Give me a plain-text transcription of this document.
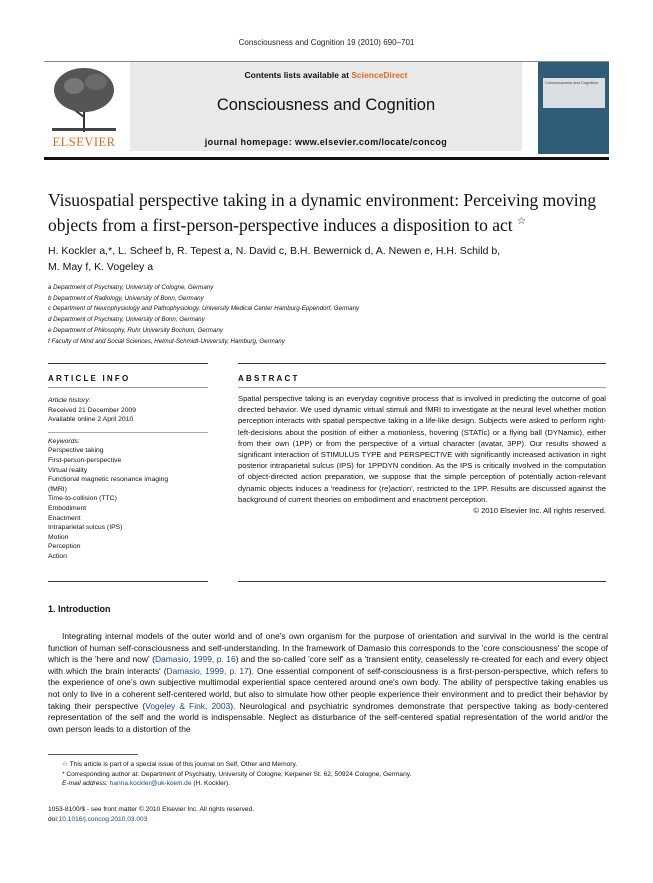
Consciousness and Cognition 19 (2010) 690–701
ELSEVIER
Contents lists available at ScienceDirect
Consciousness and Cognition
journal homepage: www.elsevier.com/locate/concog
Consciousness and Cognition
Visuospatial perspective taking in a dynamic environment: Perceiving moving objects from a first-person-perspective induces a disposition to act ☆
H. Kockler a,*, L. Scheef b, R. Tepest a, N. David c, B.H. Bewernick d, A. Newen e, H.H. Schild b,
M. May f, K. Vogeley a
a Department of Psychiatry, University of Cologne, Germany
b Department of Radiology, University of Bonn, Germany
c Department of Neurophysiology and Pathophysiology, University Medical Center Hamburg-Eppendorf, Germany
d Department of Psychiatry, University of Bonn, Germany
e Department of Philosophy, Ruhr University Bochum, Germany
f Faculty of Mind and Social Sciences, Helmut-Schmidt-University, Hamburg, Germany
ARTICLE INFO	ABSTRACT

Article history:

Received 21 December 2009

Available online 2 April 2010

Keywords:

Perspective taking

First-person-perspective

Virtual reality

Functional magnetic resonance imaging

(fMRI)

Time-to-collision (TTC)

Embodiment

Enactment

Intraparietal sulcus (IPS)

Motion

Perception

Action

Spatial perspective taking is an everyday cognitive process that is involved in predicting the outcome of goal directed behavior. We used dynamic virtual stimuli and fMRI to investigate at the neural level whether motion perception interacts with spatial perspective taking in a life-like design. Subjects were asked to perform right-left-decisions about the position of either a motionless, hovering (STATic) or a flying ball (DYNamic), either from their own (1PP) or from the perspective of a virtual character (avatar, 3PP). Our results showed a significant interaction of STIMULUS TYPE and PERSPECTIVE with significantly increased activation in right posterior intraparietal sulcus (IPS) for 1PPDYN condition. As the IPS is critically involved in the computation of object-directed action preparation, we suppose that the simple perception of potentially action-relevant dynamic objects induces a 'readiness for (re)action', restricted to the 1PP. Results are discussed against the background of current theories on embodiment and enactment perception.
© 2010 Elsevier Inc. All rights reserved.
1. Introduction
Integrating internal models of the outer world and of one's own organism for the purpose of orientation and survival in the world is the central function of human self-consciousness and self-understanding. In the framework of Damasio this corresponds to the 'core consciousness' the scope of which is the 'here and now' (Damasio, 1999, p. 16) and the so-called 'core self' as a 'transient entity, ceaselessly re-created for each and every object with which the brain interacts' (Damasio, 1999, p. 17). One essential component of self-consciousness is a first-person-perspective, which refers to the experience of one's own subjective multimodal experiential space centered around one's own body. The ability of perspective taking enables us not only to live in a coherent self-centered world, but also to simulate how other people experience their environment and to predict their behavior by taking their perspective (Vogeley & Fink, 2003). Neurological and psychiatric syndromes demonstrate that perspective taking as body-centered representation of the self and the world is indispensable. Neglect as disturbance of the self-centered spatial representation of the world and/or the own person leads to a distortion of the

☆ This article is part of a special issue of this journal on Self, Other and Memory.

* Corresponding author at: Department of Psychiatry, University of Cologne, Kerpener St. 62, 50924 Cologne, Germany.

E-mail address: hanna.kockler@uk-koeln.de (H. Kockler).

1053-8100/$ - see front matter © 2010 Elsevier Inc. All rights reserved.
doi:10.1016/j.concog.2010.03.003
